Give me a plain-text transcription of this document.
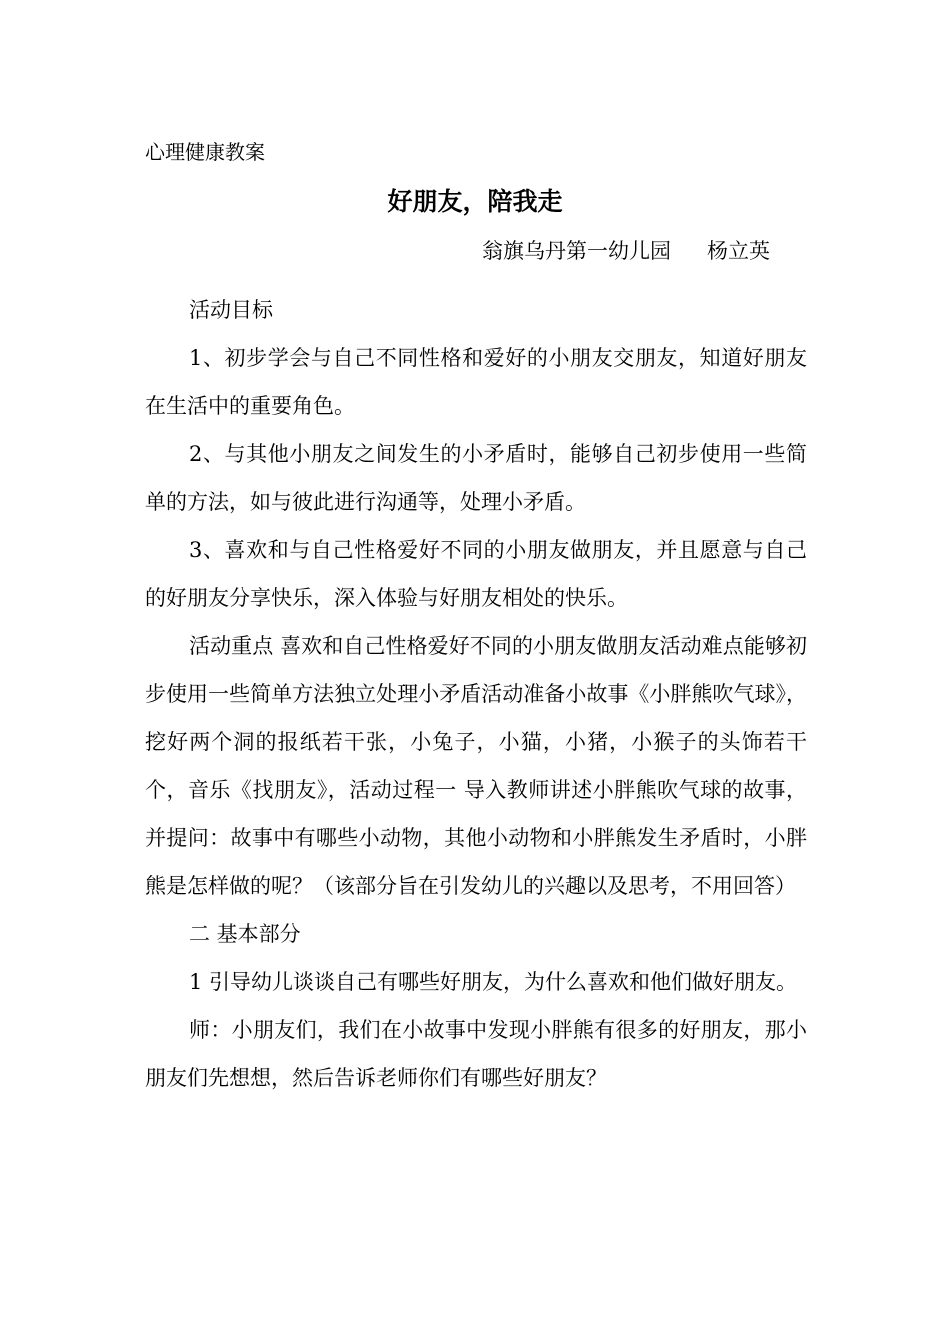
心理健康教案
好朋友，陪我走
翁旗乌丹第一幼儿园 杨立英

活动目标

1、初步学会与自己不同性格和爱好的小朋友交朋友，知道好朋友在生活中的重要角色。

2、与其他小朋友之间发生的小矛盾时，能够自己初步使用一些简单的方法，如与彼此进行沟通等，处理小矛盾。

3、喜欢和与自己性格爱好不同的小朋友做朋友，并且愿意与自己的好朋友分享快乐，深入体验与好朋友相处的快乐。

活动重点 喜欢和自己性格爱好不同的小朋友做朋友活动难点能够初步使用一些简单方法独立处理小矛盾活动准备小故事《小胖熊吹气球》，挖好两个洞的报纸若干张，小兔子，小猫，小猪，小猴子的头饰若干个，音乐《找朋友》，活动过程一 导入教师讲述小胖熊吹气球的故事，并提问：故事中有哪些小动物，其他小动物和小胖熊发生矛盾时，小胖熊是怎样做的呢？（该部分旨在引发幼儿的兴趣以及思考，不用回答）

二 基本部分

1 引导幼儿谈谈自己有哪些好朋友，为什么喜欢和他们做好朋友。

师：小朋友们，我们在小故事中发现小胖熊有很多的好朋友，那小朋友们先想想，然后告诉老师你们有哪些好朋友？
